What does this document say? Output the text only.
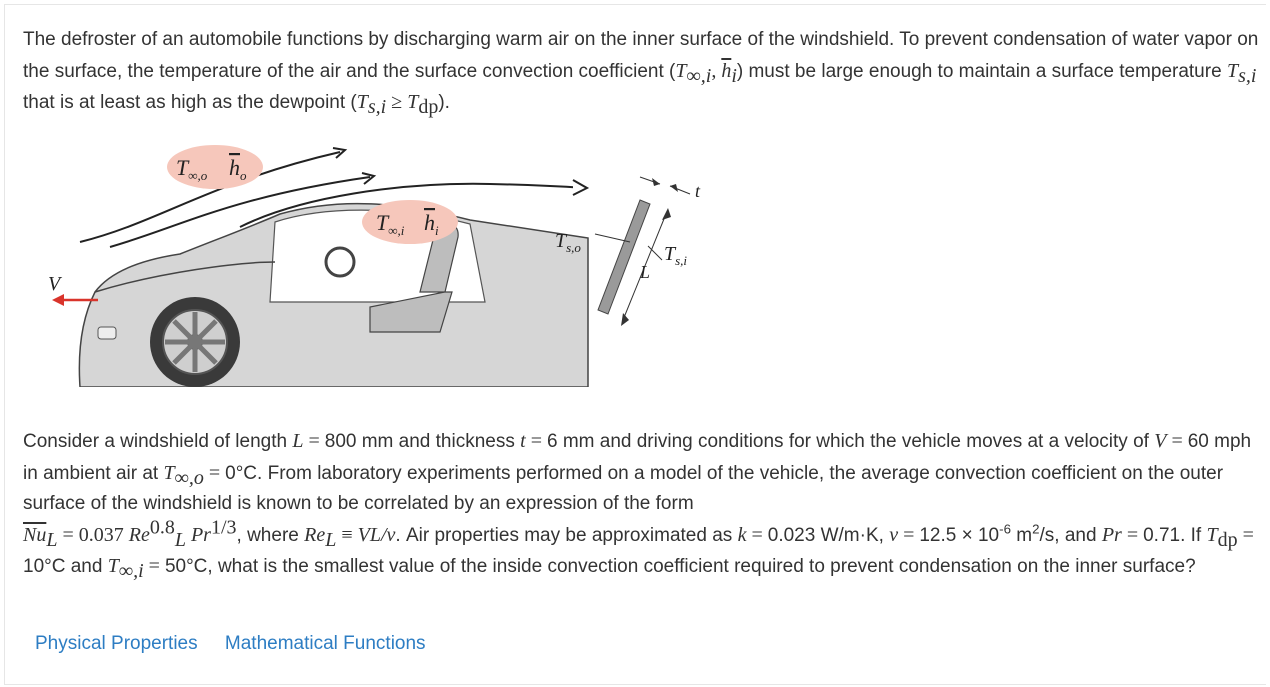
The defroster of an automobile functions by discharging warm air on the inner surface of the windshield. To prevent condensation of water vapor on the surface, the temperature of the air and the surface convection coefficient ($T_{\infty,i}$, $\overline{h}_i$) must be large enough to maintain a surface temperature $T_{s,i}$ that is at least as high as the dewpoint $(T_{s,i} \ge T_{dp})$.
$T_{\infty,o}$ $h_o$
$T_{\infty,i}$ $h_i$
V
$T_{s,o}$	$T_{s,i}$
L
t
Consider a windshield of length L = 800 mm and thickness t = 6 mm and driving conditions for which the vehicle moves at a velocity of V = 60 mph in ambient air at $T_{\infty,o} = 0^\circ C$. From laboratory experiments performed on a model of the vehicle, the average convection coefficient on the outer surface of the windshield is known to be correlated by an expression of the form
$\overline{Nu}_L = 0.037$ $Re^{0.8}_L$ $Pr^{1/3}$, where $Re_L \equiv VL/\nu$. Air properties may be approximated as k = 0.023 W/m·K, $\nu = 12.5 \times 10^{-6}$ $m^2/s$, and Pr = 0.71. If $T_{dp} = 10^\circ C$ and $T_{\infty,i} = 50^\circ C$, what is the smallest value of the inside convection coefficient required to prevent condensation on the inner surface?
Physical Properties Mathematical Functions
